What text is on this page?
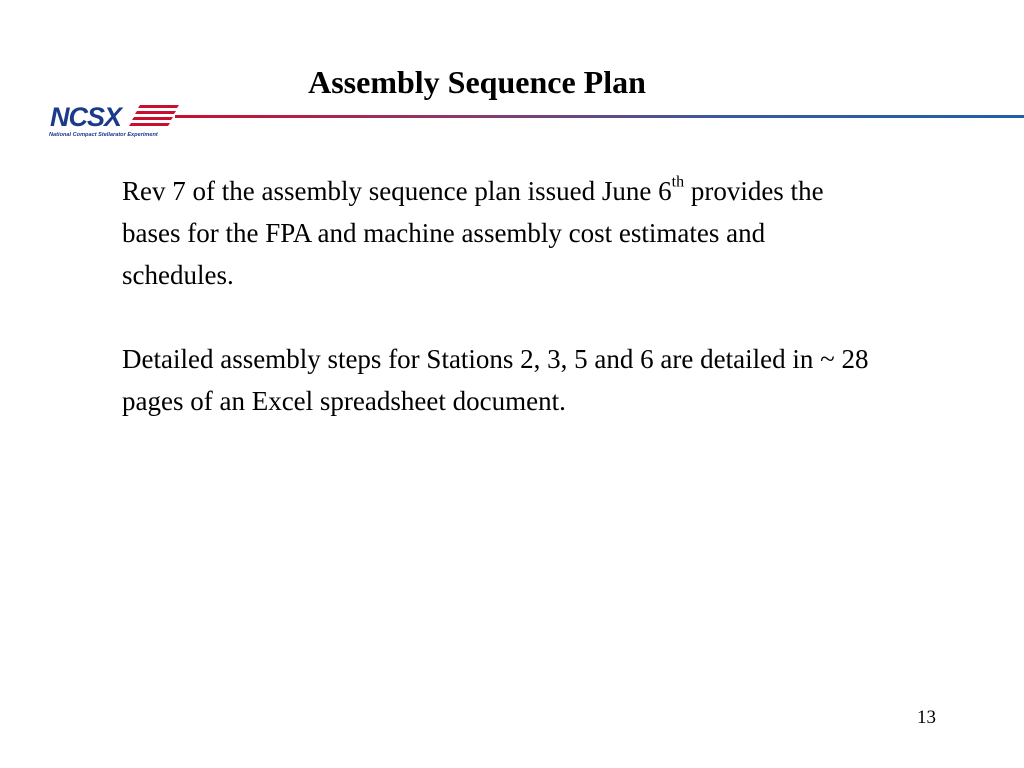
Assembly Sequence Plan
NCSX
National Compact Stellarator Experiment

Rev 7 of the assembly sequence plan issued June 6th provides the bases for the FPA and machine assembly cost estimates and schedules.

Detailed assembly steps for Stations 2, 3, 5 and 6 are detailed in ~ 28 pages of an Excel spreadsheet document.

13
